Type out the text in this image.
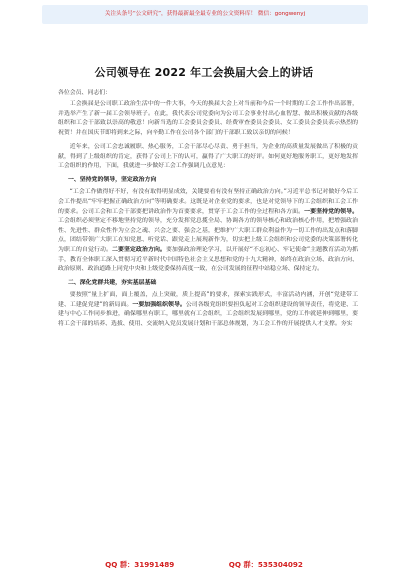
关注头条号“公文研究”，获得最新最全最专业的公文资料库！ 微信：gongwenyj
公司领导在 2022 年工会换届大会上的讲话

各位会员、同志们：

工会换届是公司职工政治生活中的一件大事，今天的换届大会上对当前和今后一个时期的工会工作作出部署，并选举产生了新一届工会领导班子。在此，我代表公司党委向为公司工会事业付出心血智慧、做出积极贡献的各级组织和工会干部致以崇高的敬意！向新当选的工会委员会委员、经费审查委员会委员、女工委员会委员表示热烈的祝贺！并在国庆节即将到来之际，向辛勤工作在公司各个部门的干部职工致以亲切的问候！

近年来，公司工会忠诚履职、热心服务，工会干部尽心尽责、勇于担当，为企业的高质量发展做出了积极的贡献，得到了上级组织的肯定，获得了公司上下的认可，赢得了广大职工的好评。如何更好地服务职工，更好地发挥工会组织的作用，下面，我就进一步做好工会工作强调几点意见：

一、坚持党的领导，坚定政治方向

“工会工作做得好不好，有没有取得明显成效，关键要看有没有坚持正确政治方向。”习近平总书记对做好今后工会工作提出“牢牢把握正确政治方向”等明确要求。这既是对企业党的要求，也是对党领导下的工会组织和工会工作的要求。公司工会和工会干部要把讲政治作为首要要求，贯穿于工会工作的全过程和各方面。一要坚持党的领导。工会组织必须坚定不移地坚持党的领导，充分发挥党总揽全局、协调各方的领导核心和政治核心作用，把增强政治性、先进性、群众性作为立会之魂、兴会之要、强会之基，把维护广大职工群众利益作为一切工作的出发点和落脚点，团结带领广大职工在知党恩、听党话、跟党走上展现新作为，切实把上级工会组织和公司党委的决策部署转化为职工的自觉行动。二要坚定政治方向。要加强政治理论学习，以开展好“不忘初心、牢记使命”主题教育活动为抓手，教育全体职工深入贯彻习近平新时代中国特色社会主义思想和党的十九大精神，始终在政治立场、政治方向、政治原则、政治道路上同党中央和上级党委保持高度一致，在公司发展的征程中站稳立场、保持定力。

二、深化党群共建，夯实基层基础

要按照“量上扩面，面上覆盖，点上突破，质上提高”的要求，探索实践形式，丰富活动内涵，开创“党建带工建、工建促党建”的新局面。一要加强组织领导。公司各级党组织要担负起对工会组织建设的领导责任，将党建、工建与中心工作同步推进，确保哪里有职工，哪里就有工会组织，工会组织发展到哪里，党的工作就延伸到哪里，要将工会干部的培养、选拔、使用、交流纳入党员发展计划和干部总体规划，为工会工作的开展提供人才支撑。夯实

QQ 群：31991489	QQ 群：535304092
